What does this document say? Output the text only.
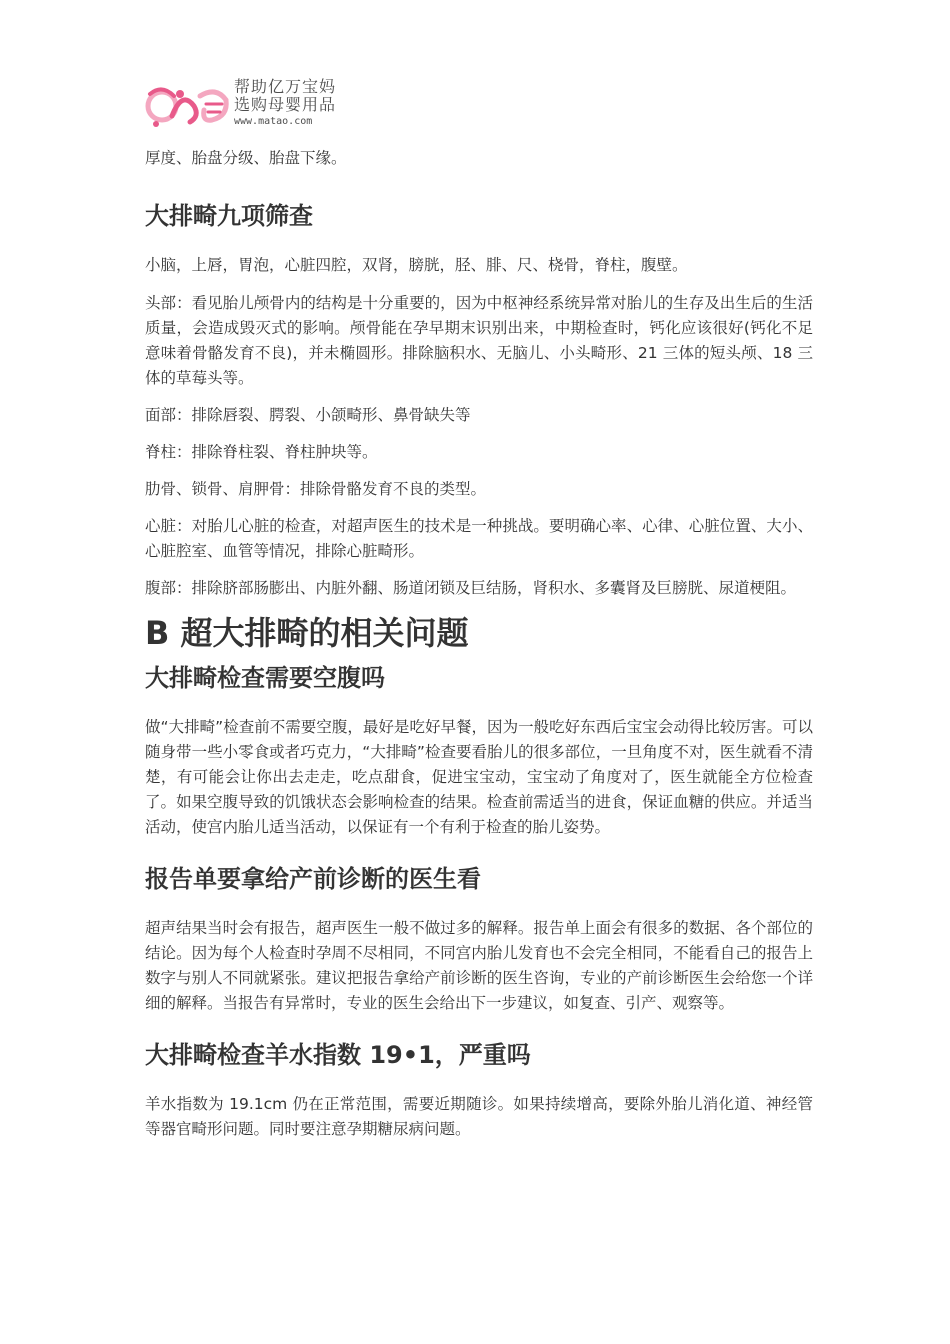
帮助亿万宝妈
选购母婴用品
www.matao.com

厚度、胎盘分级、胎盘下缘。

大排畸九项筛查

小脑，上唇，胃泡，心脏四腔，双肾，膀胱，胫、腓、尺、桡骨，脊柱，腹壁。

头部：看见胎儿颅骨内的结构是十分重要的，因为中枢神经系统异常对胎儿的生存及出生后的生活质量，会造成毁灭式的影响。颅骨能在孕早期末识别出来，中期检查时，钙化应该很好(钙化不足意味着骨骼发育不良)，并未椭圆形。排除脑积水、无脑儿、小头畸形、21 三体的短头颅、18 三体的草莓头等。

面部：排除唇裂、腭裂、小颌畸形、鼻骨缺失等

脊柱：排除脊柱裂、脊柱肿块等。

肋骨、锁骨、肩胛骨：排除骨骼发育不良的类型。

心脏：对胎儿心脏的检查，对超声医生的技术是一种挑战。要明确心率、心律、心脏位置、大小、心脏腔室、血管等情况，排除心脏畸形。

腹部：排除脐部肠膨出、内脏外翻、肠道闭锁及巨结肠，肾积水、多囊肾及巨膀胱、尿道梗阻。

B 超大排畸的相关问题
大排畸检查需要空腹吗

做“大排畸”检查前不需要空腹，最好是吃好早餐，因为一般吃好东西后宝宝会动得比较厉害。可以随身带一些小零食或者巧克力，“大排畸”检查要看胎儿的很多部位，一旦角度不对，医生就看不清楚，有可能会让你出去走走，吃点甜食，促进宝宝动，宝宝动了角度对了，医生就能全方位检查了。如果空腹导致的饥饿状态会影响检查的结果。检查前需适当的进食，保证血糖的供应。并适当活动，使宫内胎儿适当活动，以保证有一个有利于检查的胎儿姿势。

报告单要拿给产前诊断的医生看

超声结果当时会有报告，超声医生一般不做过多的解释。报告单上面会有很多的数据、各个部位的结论。因为每个人检查时孕周不尽相同，不同宫内胎儿发育也不会完全相同，不能看自己的报告上数字与别人不同就紧张。建议把报告拿给产前诊断的医生咨询，专业的产前诊断医生会给您一个详细的解释。当报告有异常时，专业的医生会给出下一步建议，如复查、引产、观察等。

大排畸检查羊水指数 19•1，严重吗

羊水指数为 19.1cm 仍在正常范围，需要近期随诊。如果持续增高，要除外胎儿消化道、神经管等器官畸形问题。同时要注意孕期糖尿病问题。
